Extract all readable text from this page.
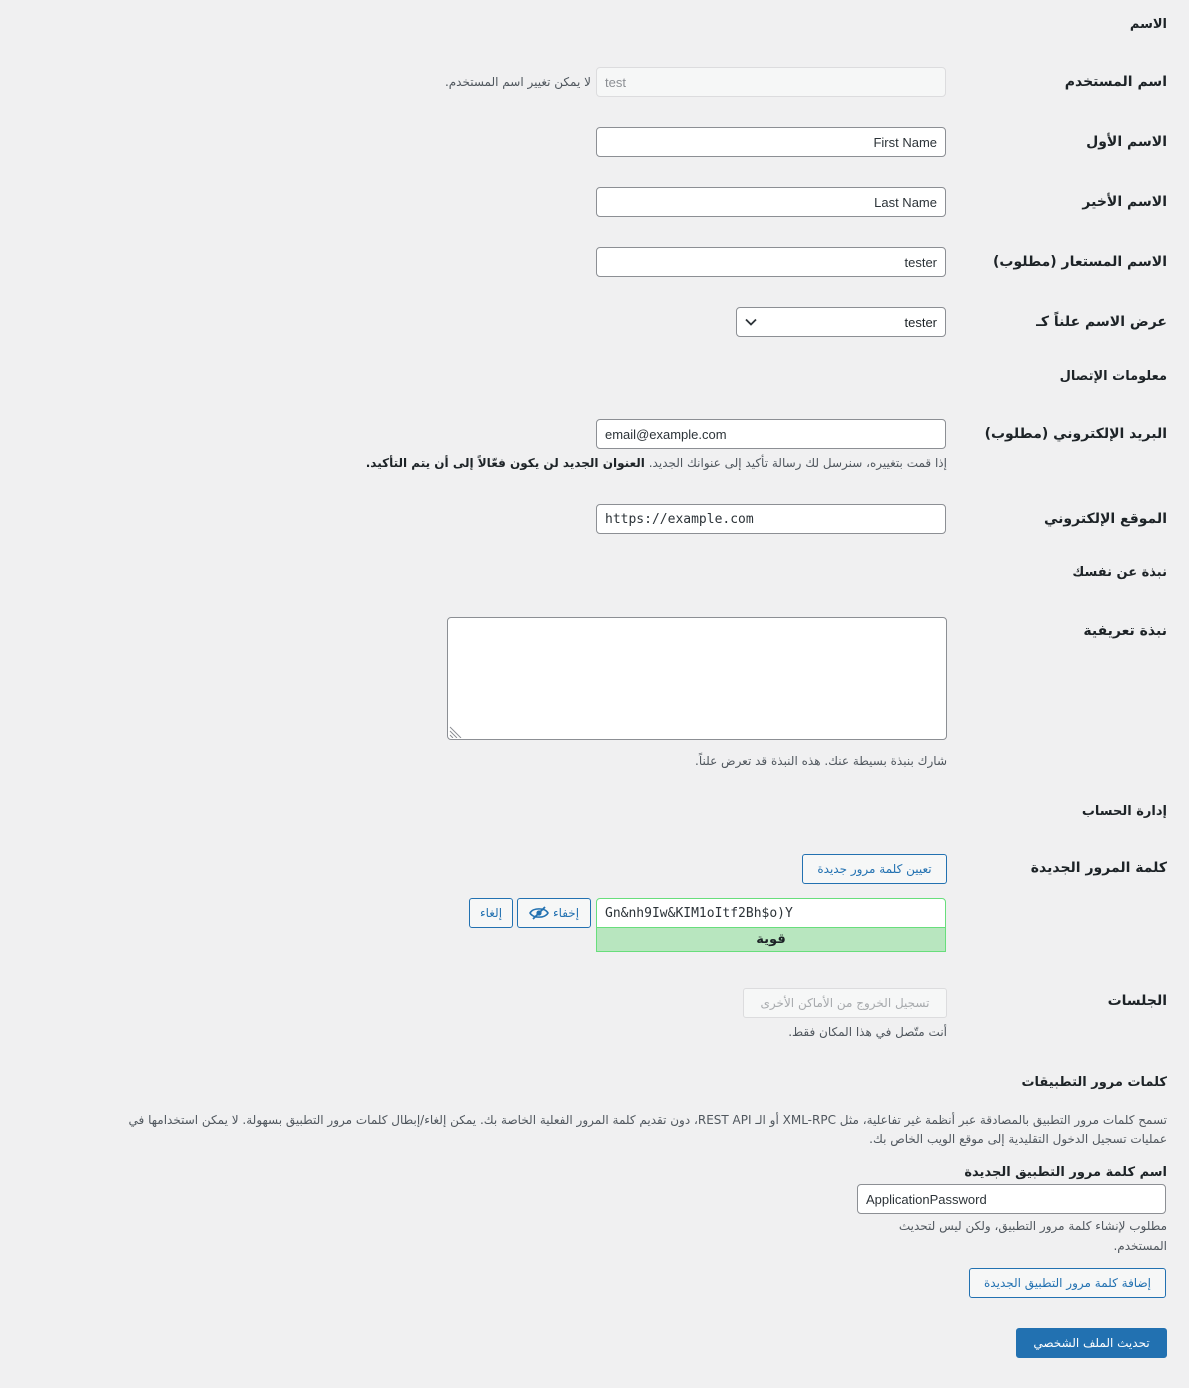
الاسم
اسم المستخدم
test
لا يمكن تغيير اسم المستخدم.
الاسم الأول
First Name
الاسم الأخير
Last Name
الاسم المستعار (مطلوب)
tester
عرض الاسم علناً كـ
tester
معلومات الإتصال
البريد الإلكتروني (مطلوب)
email@example.com
إذا قمت بتغييره، سنرسل لك رسالة تأكيد إلى عنوانك الجديد. العنوان الجديد لن يكون فعّالاً إلى أن يتم التأكيد.
الموقع الإلكتروني
https://example.com
نبذة عن نفسك
نبذة تعريفية
شارك بنبذة بسيطة عنك. هذه النبذة قد تعرض علناً.
إدارة الحساب
كلمة المرور الجديدة
تعيين كلمة مرور جديدة
Gn&nh9Iw&KIM1oItf2Bh$o)Y
قوية
إخفاء
إلغاء
الجلسات
تسجيل الخروج من الأماكن الأخرى
أنت متّصل في هذا المكان فقط.
كلمات مرور التطبيقات
تسمح كلمات مرور التطبيق بالمصادقة عبر أنظمة غير تفاعلية، مثل XML-RPC أو الـ REST API، دون تقديم كلمة المرور الفعلية الخاصة بك. يمكن إلغاء/إبطال كلمات مرور التطبيق بسهولة. لا يمكن استخدامها في
عمليات تسجيل الدخول التقليدية إلى موقع الويب الخاص بك.
اسم كلمة مرور التطبيق الجديدة
ApplicationPassword
مطلوب لإنشاء كلمة مرور التطبيق، ولكن ليس لتحديث
المستخدم.
إضافة كلمة مرور التطبيق الجديدة
تحديث الملف الشخصي
